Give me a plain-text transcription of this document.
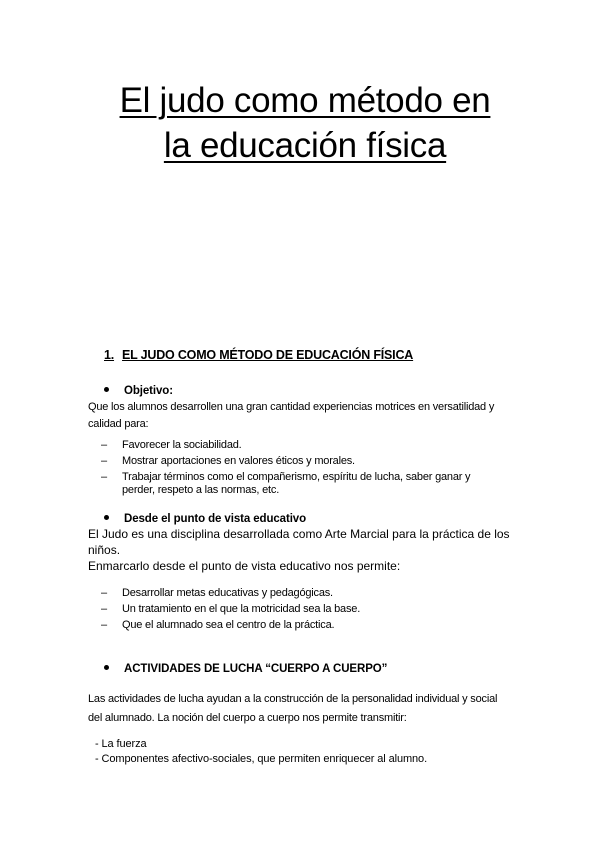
El judo como método en
la educación física
1. EL JUDO COMO MÉTODO DE EDUCACIÓN FÍSICA
Objetivo:
Que los alumnos desarrollen una gran cantidad experiencias motrices en versatilidad y
calidad para:
– Favorecer la sociabilidad.
– Mostrar aportaciones en valores éticos y morales.
– Trabajar términos como el compañerismo, espíritu de lucha, saber ganar y
perder, respeto a las normas, etc.
Desde el punto de vista educativo
El Judo es una disciplina desarrollada como Arte Marcial para la práctica de los
niños.
Enmarcarlo desde el punto de vista educativo nos permite:
– Desarrollar metas educativas y pedagógicas.
– Un tratamiento en el que la motricidad sea la base.
– Que el alumnado sea el centro de la práctica.
ACTIVIDADES DE LUCHA “CUERPO A CUERPO”
Las actividades de lucha ayudan a la construcción de la personalidad individual y social
del alumnado. La noción del cuerpo a cuerpo nos permite transmitir:
- La fuerza
- Componentes afectivo-sociales, que permiten enriquecer al alumno.
